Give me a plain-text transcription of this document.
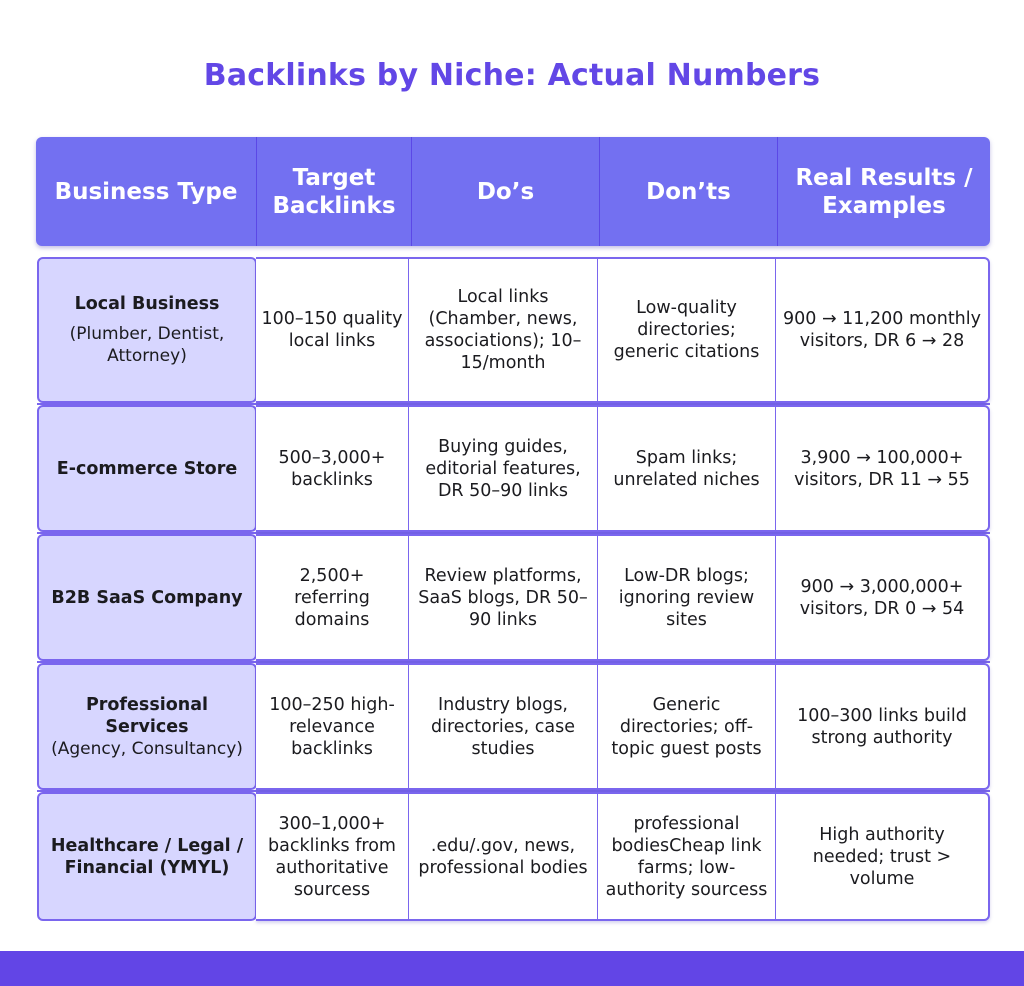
Backlinks by Niche: Actual Numbers
Business Type
Target Backlinks
Do’s	Don’ts
Real Results / Examples
Local Business
(Plumber, Dentist, Attorney)
100–150 quality local links
Local links (Chamber, news, associations); 10–15/month
Low-quality directories; generic citations
900 → 11,200 monthly visitors, DR 6 → 28
E-commerce Store
500–3,000+ backlinks
Buying guides, editorial features, DR 50–90 links
Spam links; unrelated niches
3,900 → 100,000+ visitors, DR 11 → 55
B2B SaaS Company
2,500+ referring domains
Review platforms, SaaS blogs, DR 50–90 links
Low-DR blogs; ignoring review sites
900 → 3,000,000+ visitors, DR 0 → 54
Professional Services
(Agency, Consultancy)
100–250 high-relevance backlinks
Industry blogs, directories, case studies
Generic directories; off-topic guest posts
100–300 links build strong authority
Healthcare / Legal / Financial (YMYL)
300–1,000+ backlinks from authoritative sourcess
.edu/.gov, news, professional bodies
professional bodiesCheap link farms; low-authority sourcess
High authority needed; trust > volume
